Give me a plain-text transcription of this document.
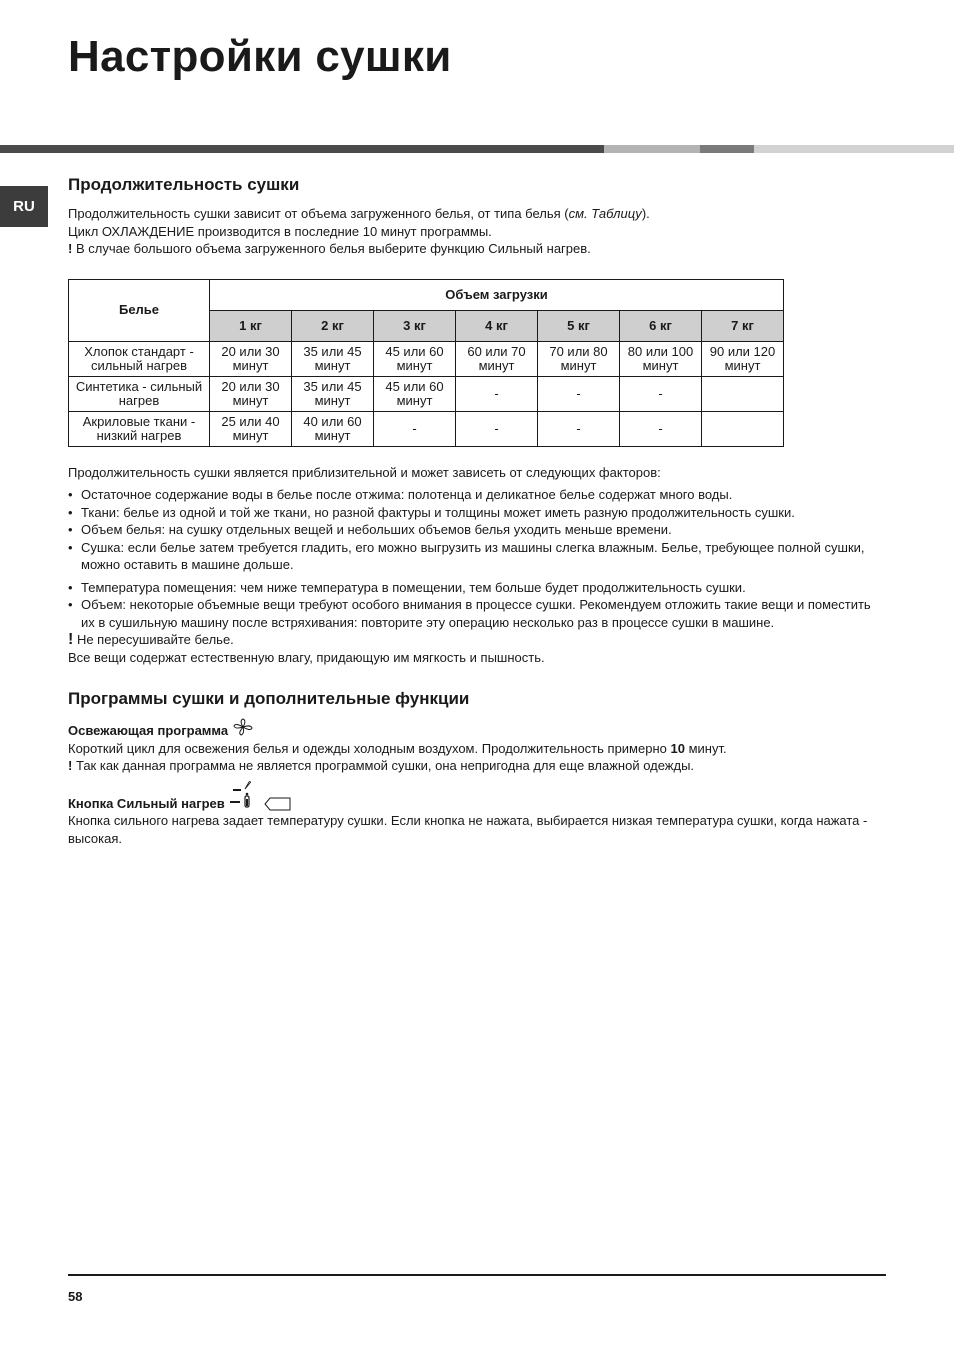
Настройки сушки
RU
Продолжительность сушки

Продолжительность сушки зависит от объема загруженного белья, от типа белья (см. Таблицу).

Цикл ОХЛАЖДЕНИЕ производится в последние 10 минут программы.

! В случае большого объема загруженного белья выберите функцию Сильный нагрев.

Белье	Объем загрузки						
	1 кг	2 кг	3 кг	4 кг	5 кг	6 кг	7 кг
Хлопок стандарт - сильный нагрев	20 или 30 минут	35 или 45 минут	45 или 60 минут	60 или 70 минут	70 или 80 минут	80 или 100 минут	90 или 120 минут
Синтетика - сильный нагрев	20 или 30 минут	35 или 45 минут	45 или 60 минут	-	-	-	
Акриловые ткани - низкий нагрев	25 или 40 минут	40 или 60 минут	-	-	-	-	

Продолжительность сушки является приблизительной и может зависеть от следующих факторов:

• Остаточное содержание воды в белье после отжима: полотенца и деликатное белье содержат много воды.
• Ткани: белье из одной и той же ткани, но разной фактуры и толщины может иметь разную продолжительность сушки.
• Объем белья: на сушку отдельных вещей и небольших объемов белья уходить меньше времени.
• Сушка: если белье затем требуется гладить, его можно выгрузить из машины слегка влажным. Белье, требующее полной сушки, можно оставить в машине дольше.
• Температура помещения: чем ниже температура в помещении, тем больше будет продолжительность сушки.
• Объем: некоторые объемные вещи требуют особого внимания в процессе сушки. Рекомендуем отложить такие вещи и поместить их в сушильную машину после встряхивания: повторите эту операцию несколько раз в процессе сушки в машине.

! Не пересушивайте белье.

Все вещи содержат естественную влагу, придающую им мягкость и пышность.

Программы сушки и дополнительные функции

Освежающая программа

Короткий цикл для освежения белья и одежды холодным воздухом. Продолжительность примерно 10 минут.

! Так как данная программа не является программой сушки, она непригодна для еще влажной одежды.

Кнопка Сильный нагрев

Кнопка сильного нагрева задает температуру сушки. Если кнопка не нажата, выбирается низкая температура сушки, когда нажата - высокая.

58
